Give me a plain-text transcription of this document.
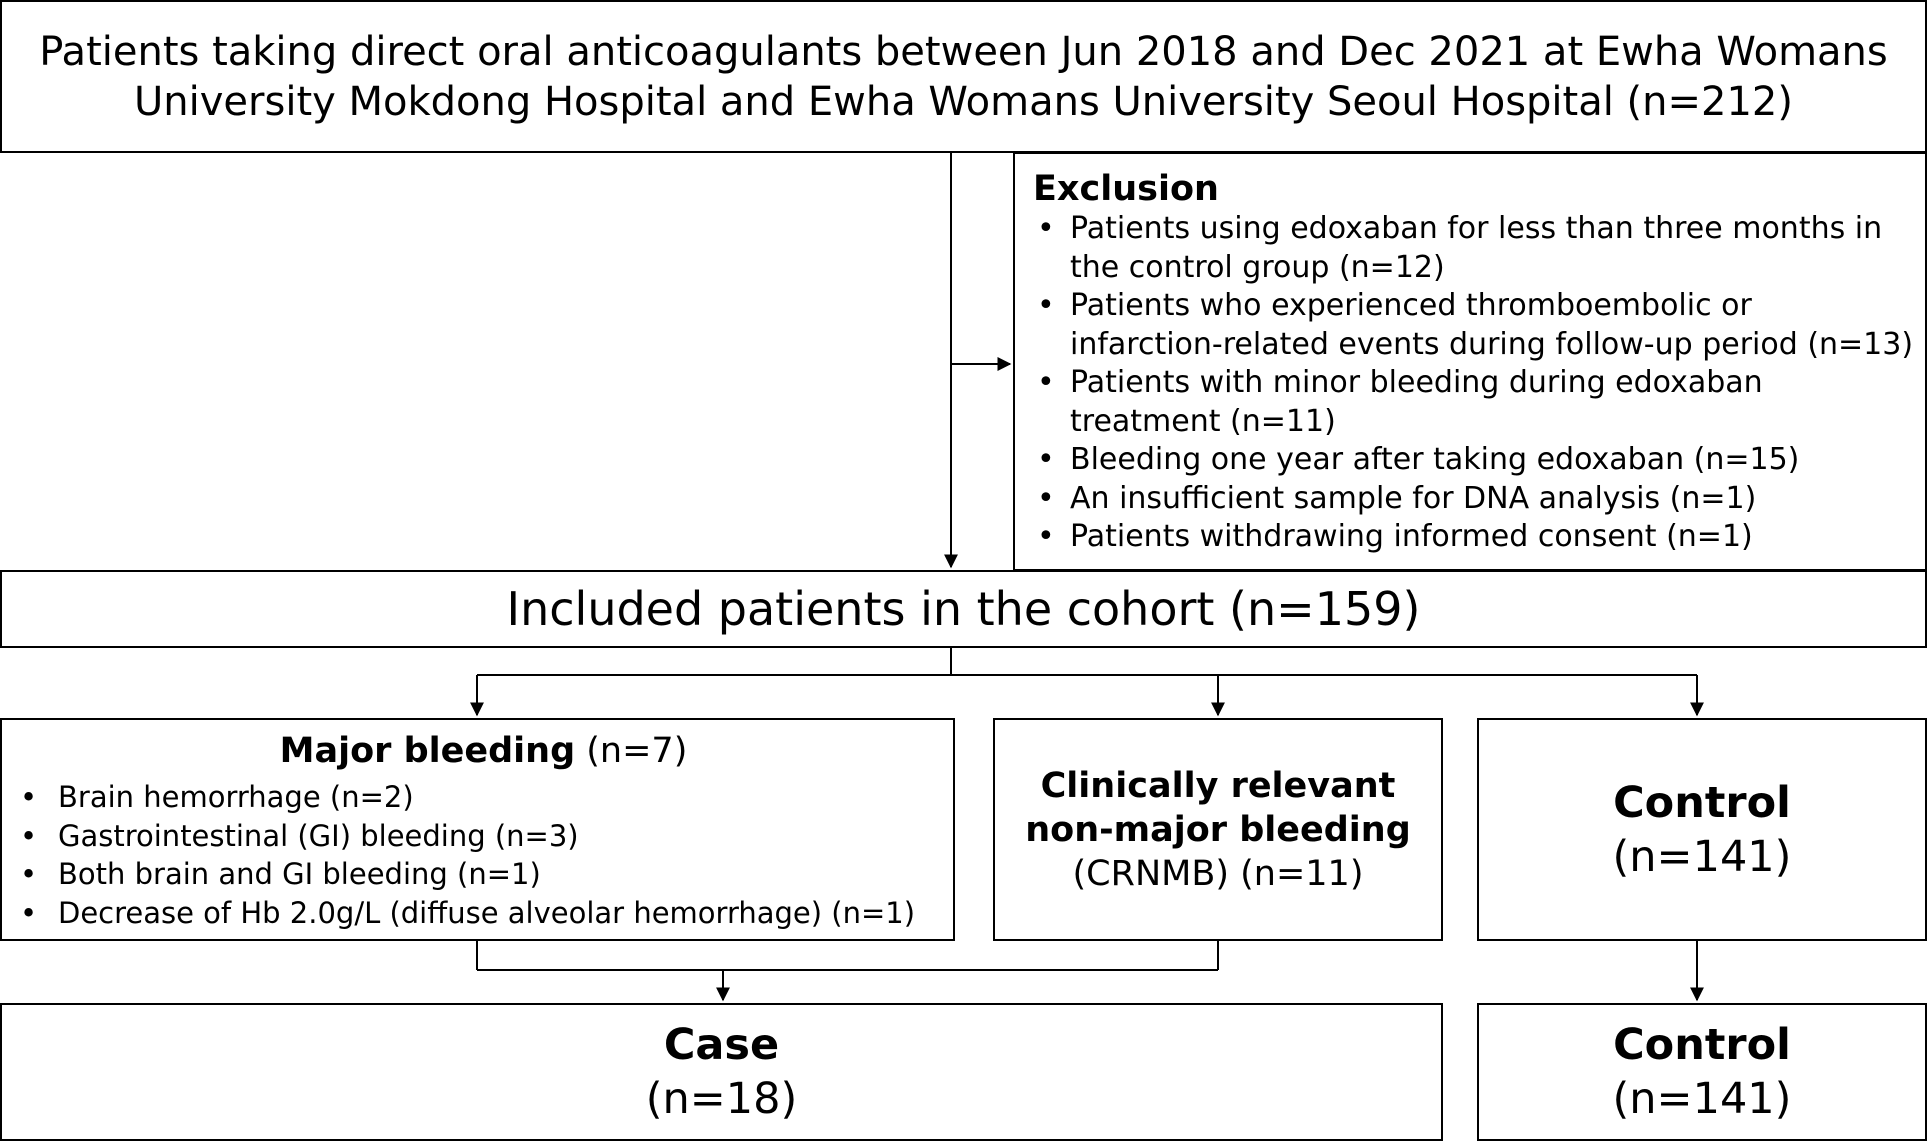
Patients taking direct oral anticoagulants between Jun 2018 and Dec 2021 at Ewha Womans
University Mokdong Hospital and Ewha Womans University Seoul Hospital (n=212)
Exclusion
• Patients using edoxaban for less than three months in
the control group (n=12)
• Patients who experienced thromboembolic or
infarction-related events during follow-up period (n=13)
• Patients with minor bleeding during edoxaban
treatment (n=11)
• Bleeding one year after taking edoxaban (n=15)
• An insufficient sample for DNA analysis (n=1)
• Patients withdrawing informed consent (n=1)
Included patients in the cohort (n=159)
Major bleeding (n=7)
• Brain hemorrhage (n=2)
• Gastrointestinal (GI) bleeding (n=3)
• Both brain and GI bleeding (n=1)
• Decrease of Hb 2.0g/L (diffuse alveolar hemorrhage) (n=1)
Clinically relevant
non-major bleeding
(CRNMB) (n=11)
Control
(n=141)
Case
(n=18)
Control
(n=141)
